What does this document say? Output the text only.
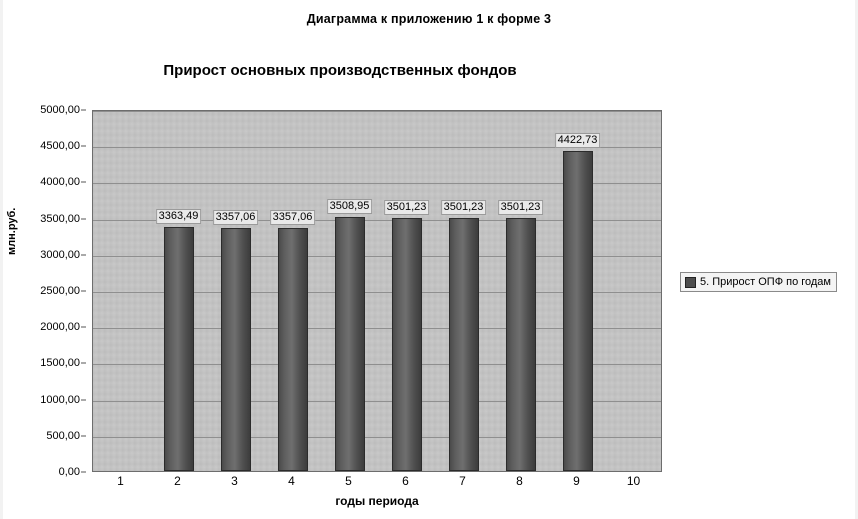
Диаграмма к приложению 1 к форме 3
Прирост основных производственных фондов
млн.руб.
0,00
500,00
1000,00
1500,00
2000,00
2500,00
3000,00
3500,00
4000,00
4500,00
5000,00
3363,49 3357,06 3357,06
3508,95 3501,23 3501,23 3501,23
4422,73
1	2	3	4	5	6	7	8	9	10
годы периода
5. Прирост ОПФ по годам
